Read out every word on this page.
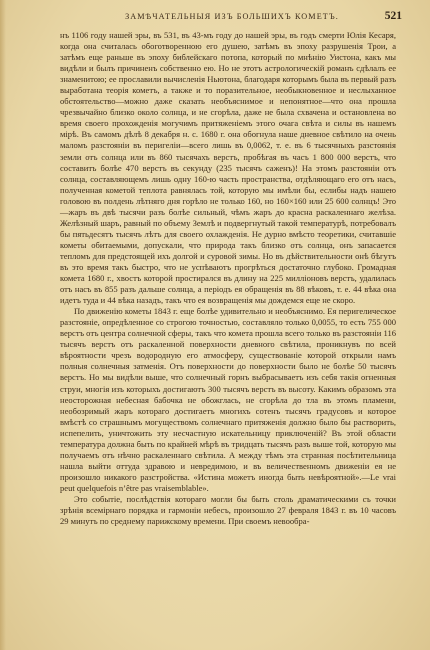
ЗАМѢЧАТЕЛЬНЫЯ ИЗЪ БОЛЬШИХЪ КОМЕТЪ.	521

нъ 1106 году нашей эры, въ 531, въ 43-мъ году до нашей эры, въ годъ смерти Юлія Кесаря, когда она считалась обоготворенною его душею, затѣмъ въ эпоху разрушенія Трои, а затѣмъ еще раньше въ эпоху библейскаго потопа, который по мнѣнію Уистона, какъ мы видѣли и былъ причиненъ собственно ею. Но не этотъ астрологическій романъ сдѣлалъ ее знаменитою; ее прославили вычисленія Ньютона, благодаря которымъ была въ первый разъ выработана теорія кометъ, а также и то поразительное, необыкновенное и неслыханное обстоятельство—можно даже сказать необъяснимое и непонятное—что она прошла чрезвычайно близко около солнца, и не сгорѣла, даже не была схвачена и остановлена во время своего прохожденія могучимъ притяженіемъ этого очага свѣта и силы въ нашемъ мірѣ. Въ самомъ дѣлѣ 8 декабря н. с. 1680 г. она обогнула наше дневное свѣтило на очень маломъ разстояніи въ перигеліи—всего лишь въ 0,0062, т. е. въ 6 тысячныхъ разстоянія земли отъ солнца или въ 860 тысячахъ верстъ, пробѣгая въ часъ 1 800 000 верстъ, что составитъ болѣе 470 верстъ въ секунду (235 тысячъ саженъ)! На этомъ разстояніи отъ солнца, составляющемъ лишь одну 160-ю часть пространства, отдѣляющаго его отъ насъ, полученная кометой теплота равнялась той, которую мы имѣли бы, еслибы надъ нашею головою въ полдень лѣтняго дня горѣло не только 160, но 160×160 или 25 600 солнцъ! Это—жаръ въ двѣ тысячи разъ болѣе сильный, чѣмъ жаръ до красна раскаленнаго желѣза. Желѣзный шаръ, равный по объему Землѣ и подвергнутый такой температурѣ, потребовалъ бы пятьдесятъ тысячъ лѣтъ для своего охлажденія. Не дурно вмѣсто теоретики, считавшіе кометы обитаемыми, допускали, что природа такъ близко отъ солнца, онъ запасается тепломъ для предстоящей ихъ долгой и суровой зимы. Но въ дѣйствительности онѣ бѣгутъ въ это время такъ быстро, что не успѣваютъ прогрѣться достаточно глубоко. Громадная комета 1680 г., хвостъ которой простирался въ длину на 225 милліоновъ верстъ, удалилась отъ насъ въ 855 разъ дальше солнца, а періодъ ея обращенія въ 88 вѣковъ, т. е. 44 вѣка она идетъ туда и 44 вѣка назадъ, такъ что ея возвращенія мы дождемся еще не скоро.

По движенію кометы 1843 г. еще болѣе удивительно и необъяснимо. Ея перигелическое разстояніе, опредѣленное со строгою точностью, составляло только 0,0055, то есть 755 000 верстъ отъ центра солнечной сферы, такъ что комета прошла всего только въ разстояніи 116 тысячъ верстъ отъ раскаленной поверхности дневного свѣтила, проникнувъ по всей вѣроятности чрезъ водородную его атмосферу, существованіе которой открыли намъ полныя солнечныя затменія. Отъ поверхности до поверхности было не болѣе 50 тысячъ верстъ. Но мы видѣли выше, что солнечный горнъ выбрасываетъ изъ себя такія огненныя струи, многія изъ которыхъ достигаютъ 300 тысячъ верстъ въ высоту. Какимъ образомъ эта неосторожная небесная бабочка не обожглась, не сгорѣла до тла въ этомъ пламени, необозримый жаръ котораго достигаетъ многихъ сотенъ тысячъ градусовъ и которое вмѣстѣ со страшнымъ могуществомъ солнечнаго притяженія должно было бы растворить, испепелить, уничтожить эту несчастную искательницу приключеній? Въ этой области температура должна быть по крайней мѣрѣ въ тридцать тысячъ разъ выше той, которую мы получаемъ отъ нѣчно раскаленнаго свѣтила. А между тѣмъ эта странная посѣтительница нашла выйти оттуда здравою и невредимою, и въ величественномъ движеніи ея не произошло никакого разстройства. «Истина можетъ иногда быть невѣроятной».—Le vrai peut quelquefois n’être pas vraisemblable».

Это событіе, послѣдствія котораго могли бы быть столь драматическими съ точки зрѣнія всемірнаго порядка и гармоніи небесъ, произошло 27 февраля 1843 г. въ 10 часовъ 29 минутъ по среднему парижскому времени. При своемъ невообра-
